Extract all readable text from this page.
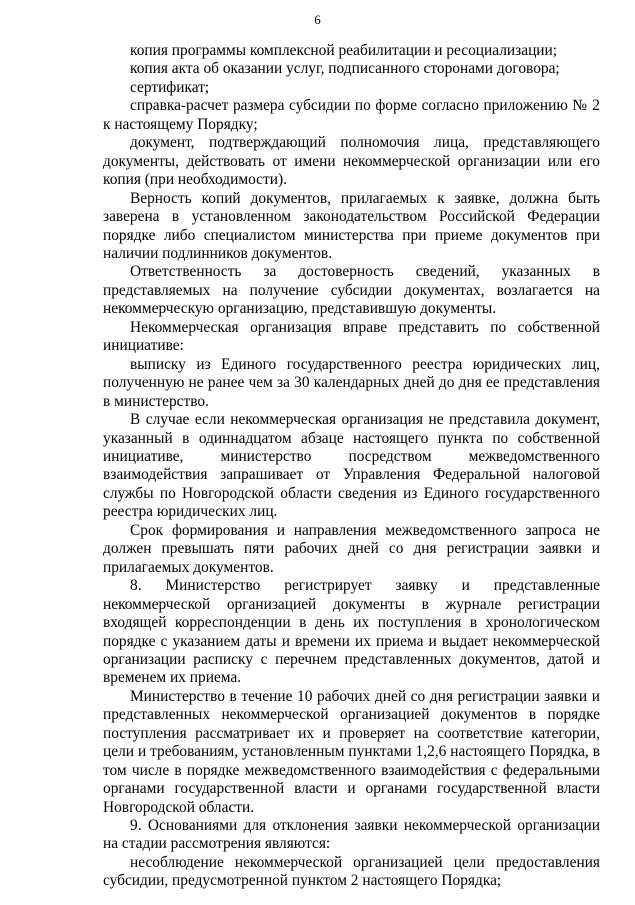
6

копия программы комплексной реабилитации и ресоциализации;

копия акта об оказании услуг, подписанного сторонами договора;

сертификат;

справка-расчет размера субсидии по форме согласно приложению № 2 к настоящему Порядку;

документ, подтверждающий полномочия лица, представляющего документы, действовать от имени некоммерческой организации или его копия (при необходимости).

Верность копий документов, прилагаемых к заявке, должна быть заверена в установленном законодательством Российской Федерации порядке либо специалистом министерства при приеме документов при наличии подлинников документов.

Ответственность за достоверность сведений, указанных в представляемых на получение субсидии документах, возлагается на некоммерческую организацию, представившую документы.

Некоммерческая организация вправе представить по собственной инициативе:

выписку из Единого государственного реестра юридических лиц, полученную не ранее чем за 30 календарных дней до дня ее представления в министерство.

В случае если некоммерческая организация не представила документ, указанный в одиннадцатом абзаце настоящего пункта по собственной инициативе, министерство посредством межведомственного взаимодействия запрашивает от Управления Федеральной налоговой службы по Новгородской области сведения из Единого государственного реестра юридических лиц.

Срок формирования и направления межведомственного запроса не должен превышать пяти рабочих дней со дня регистрации заявки и прилагаемых документов.

8. Министерство регистрирует заявку и представленные некоммерческой организацией документы в журнале регистрации входящей корреспонденции в день их поступления в хронологическом порядке с указанием даты и времени их приема и выдает некоммерческой организации расписку с перечнем представленных документов, датой и временем их приема.

Министерство в течение 10 рабочих дней со дня регистрации заявки и представленных некоммерческой организацией документов в порядке поступления рассматривает их и проверяет на соответствие категории, цели и требованиям, установленным пунктами 1,2,6 настоящего Порядка, в том числе в порядке межведомственного взаимодействия с федеральными органами государственной власти и органами государственной власти Новгородской области.

9. Основаниями для отклонения заявки некоммерческой организации на стадии рассмотрения являются:

несоблюдение некоммерческой организацией цели предоставления субсидии, предусмотренной пунктом 2 настоящего Порядка;
